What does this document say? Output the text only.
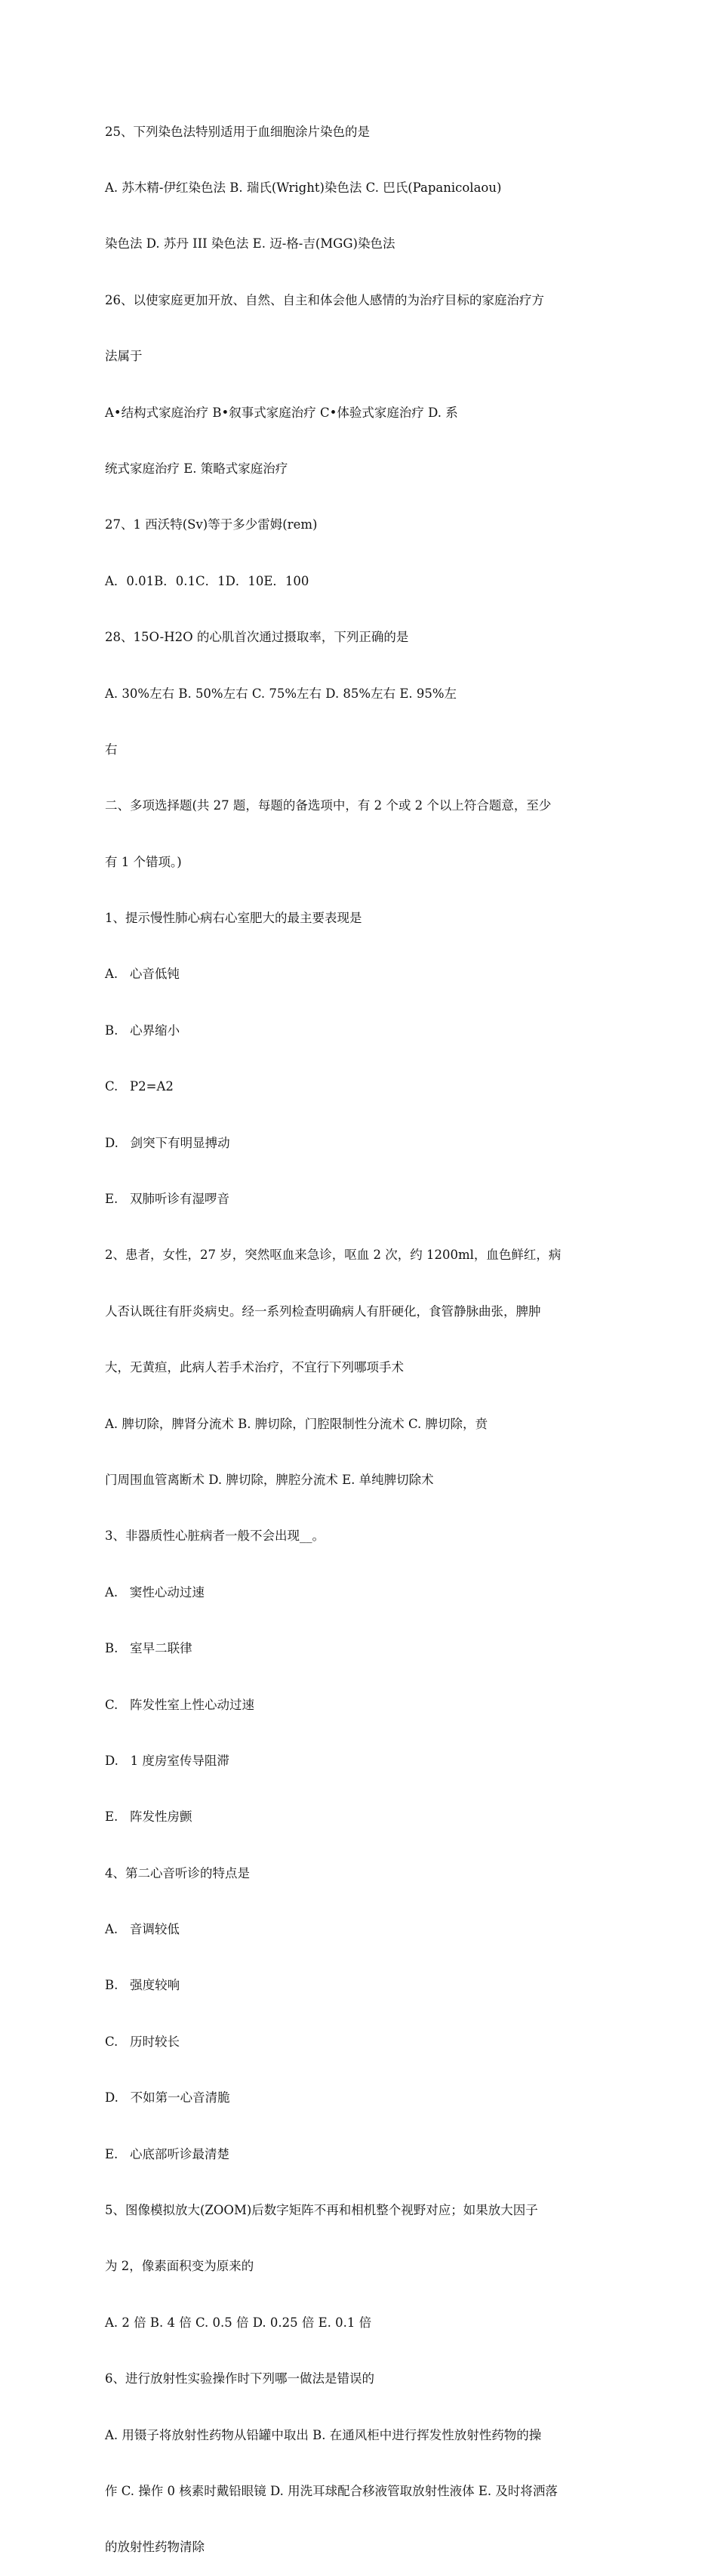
25、下列染色法特别适用于血细胞涂片染色的是

A. 苏木精-伊红染色法 B. 瑞氏(Wright)染色法 C. 巴氏(Papanicolaou)

染色法 D. 苏丹 III 染色法 E. 迈-格-吉(MGG)染色法

26、以使家庭更加开放、自然、自主和体会他人感情的为治疗目标的家庭治疗方

法属于

A•结构式家庭治疗 B•叙事式家庭治疗 C•体验式家庭治疗 D. 系

统式家庭治疗 E. 策略式家庭治疗

27、1 西沃特(Sv)等于多少雷姆(rem)

A．0.01B．0.1C．1D．10E．100

28、15O-H2O 的心肌首次通过摄取率，下列正确的是

A. 30%左右 B. 50%左右 C. 75%左右 D. 85%左右 E. 95%左

右

二、多项选择题(共 27 题，每题的备选项中，有 2 个或 2 个以上符合题意，至少

有 1 个错项。)

1、提示慢性肺心病右心室肥大的最主要表现是

A.   心音低钝

B.   心界缩小

C.   P2=A2

D.   剑突下有明显搏动

E.   双肺听诊有湿啰音

2、患者，女性，27 岁，突然呕血来急诊，呕血 2 次，约 1200ml，血色鲜红，病

人否认既往有肝炎病史。经一系列检查明确病人有肝硬化，食管静脉曲张，脾肿

大，无黄疸，此病人若手术治疗，不宜行下列哪项手术

A. 脾切除，脾肾分流术 B. 脾切除，门腔限制性分流术 C. 脾切除，贲

门周围血管离断术 D. 脾切除，脾腔分流术 E. 单纯脾切除术

3、非器质性心脏病者一般不会出现__。

A.   窦性心动过速

B.   室早二联律

C.   阵发性室上性心动过速

D.   1 度房室传导阻滞

E.   阵发性房颤

4、第二心音听诊的特点是

A.   音调较低

B.   强度较响

C.   历时较长

D.   不如第一心音清脆

E.   心底部听诊最清楚

5、图像模拟放大(ZOOM)后数字矩阵不再和相机整个视野对应；如果放大因子

为 2，像素面积变为原来的

A. 2 倍 B. 4 倍 C. 0.5 倍 D. 0.25 倍 E. 0.1 倍

6、进行放射性实验操作时下列哪一做法是错误的

A. 用镊子将放射性药物从铅罐中取出 B. 在通风柜中进行挥发性放射性药物的操

作 C. 操作 0 核素时戴铅眼镜 D. 用洗耳球配合移液管取放射性液体 E. 及时将洒落

的放射性药物清除
